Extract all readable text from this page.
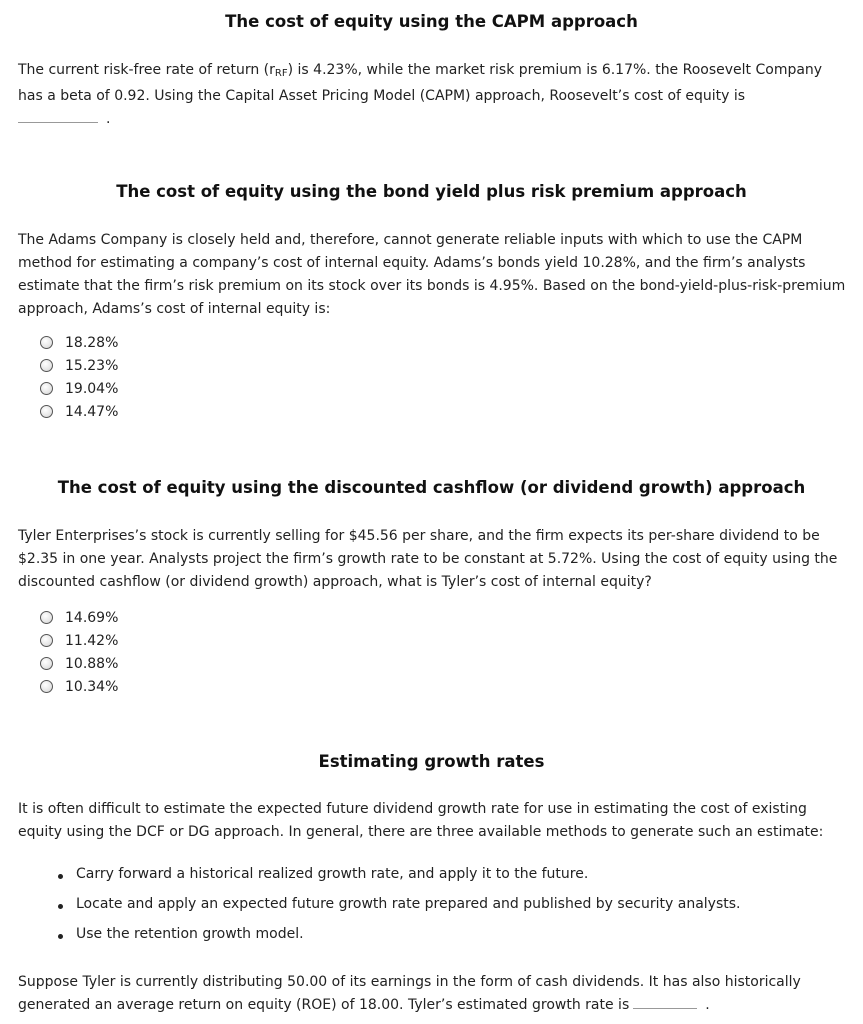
The cost of equity using the CAPM approach

The current risk-free rate of return $(r_{RF})$ is 4.23%, while the market risk premium is 6.17%. the Roosevelt Company has a beta of 0.92. Using the Capital Asset Pricing Model (CAPM) approach, Roosevelt’s cost of equity is
.

The cost of equity using the bond yield plus risk premium approach

The Adams Company is closely held and, therefore, cannot generate reliable inputs with which to use the CAPM method for estimating a company’s cost of internal equity. Adams’s bonds yield 10.28%, and the firm’s analysts estimate that the firm’s risk premium on its stock over its bonds is 4.95%. Based on the bond-yield-plus-risk-premium approach, Adams’s cost of internal equity is:

18.28%
15.23%
19.04%
14.47%
The cost of equity using the discounted cashflow (or dividend growth) approach

Tyler Enterprises’s stock is currently selling for $45.56 per share, and the firm expects its per-share dividend to be $2.35 in one year. Analysts project the firm’s growth rate to be constant at 5.72%. Using the cost of equity using the discounted cashflow (or dividend growth) approach, what is Tyler’s cost of internal equity?

14.69%
11.42%
10.88%
10.34%
Estimating growth rates

It is often difficult to estimate the expected future dividend growth rate for use in estimating the cost of existing equity using the DCF or DG approach. In general, there are three available methods to generate such an estimate:

Carry forward a historical realized growth rate, and apply it to the future.
Locate and apply an expected future growth rate prepared and published by security analysts.
Use the retention growth model.

Suppose Tyler is currently distributing 50.00 of its earnings in the form of cash dividends. It has also historically generated an average return on equity (ROE) of 18.00. Tyler’s estimated growth rate is	.
